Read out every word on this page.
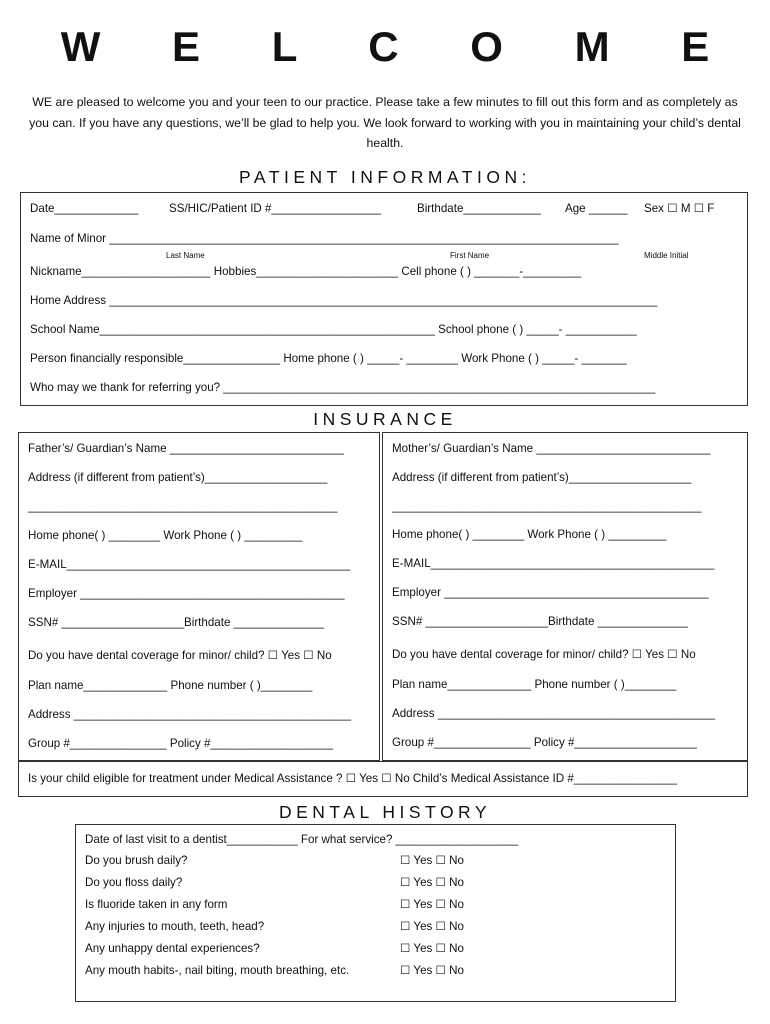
W E L C O M E
WE are pleased to welcome you and your teen to our practice. Please take a few minutes to fill out this form and as completely as you can. If you have any questions, we’ll be glad to help you. We look forward to working with you in maintaining your child’s dental health.
PATIENT INFORMATION:
Date_____________	SS/HIC/Patient ID #_________________	Birthdate____________ Age ______ Sex ☐ M ☐ F
Name of Minor _______________________________________________________________________________
Last Name	First Name	Middle Initial
Nickname____________________ Hobbies______________________ Cell phone ( ) _______-_________
Home Address _____________________________________________________________________________________
School Name____________________________________________________ School phone ( ) _____- ___________
Person financially responsible_______________ Home phone ( ) _____- ________ Work Phone ( ) _____- _______
Who may we thank for referring you? ___________________________________________________________________
INSURANCE
Father’s/ Guardian’s Name ___________________________
Address (if different from patient’s)___________________
________________________________________________
Home phone( ) ________ Work Phone ( ) _________
E-MAIL____________________________________________
Employer _________________________________________
SSN# ___________________Birthdate ______________
Do you have dental coverage for minor/ child? ☐ Yes ☐ No
Plan name_____________ Phone number ( )________
Address ___________________________________________
Group #_______________ Policy #___________________
Mother’s/ Guardian’s Name ___________________________
Address (if different from patient’s)___________________
________________________________________________
Home phone( ) ________ Work Phone ( ) _________
E-MAIL____________________________________________
Employer _________________________________________
SSN# ___________________Birthdate ______________
Do you have dental coverage for minor/ child? ☐ Yes ☐ No
Plan name_____________ Phone number ( )________
Address ___________________________________________
Group #_______________ Policy #___________________
Is your child eligible for treatment under Medical Assistance ? ☐ Yes ☐ No Child’s Medical Assistance ID #________________
DENTAL HISTORY
Date of last visit to a dentist___________ For what service? ___________________
Do you brush daily?	☐ Yes ☐ No
Do you floss daily?	☐ Yes ☐ No
Is fluoride taken in any form	☐ Yes ☐ No
Any injuries to mouth, teeth, head?	☐ Yes ☐ No
Any unhappy dental experiences?	☐ Yes ☐ No
Any mouth habits-, nail biting, mouth breathing, etc.	☐ Yes ☐ No
